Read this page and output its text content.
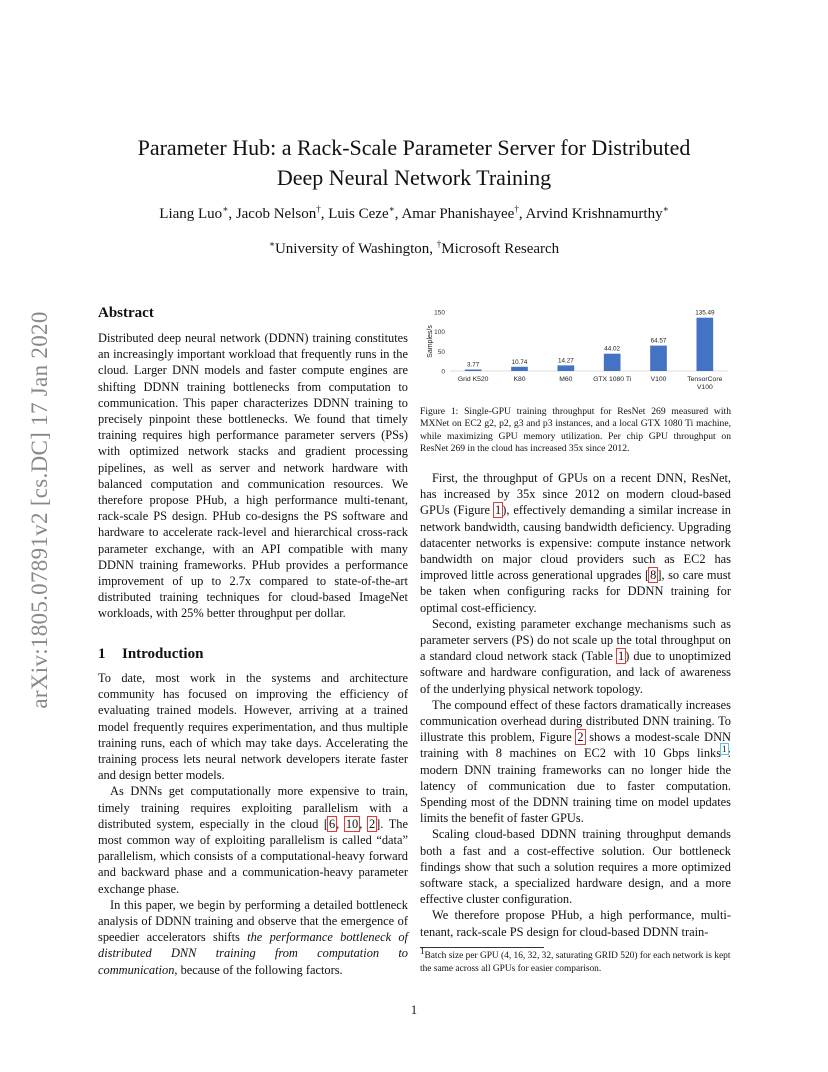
arXiv:1805.07891v2 [cs.DC] 17 Jan 2020
Parameter Hub: a Rack-Scale Parameter Server for Distributed
Deep Neural Network Training
Liang Luo∗, Jacob Nelson†, Luis Ceze∗, Amar Phanishayee†, Arvind Krishnamurthy∗
∗University of Washington, †Microsoft Research
Abstract

Distributed deep neural network (DDNN) training constitutes an increasingly important workload that frequently runs in the cloud. Larger DNN models and faster compute engines are shifting DDNN training bottlenecks from computation to communication. This paper characterizes DDNN training to precisely pinpoint these bottlenecks. We found that timely training requires high performance parameter servers (PSs) with optimized network stacks and gradient processing pipelines, as well as server and network hardware with balanced computation and communication resources. We therefore propose PHub, a high performance multi-tenant, rack-scale PS design. PHub co-designs the PS software and hardware to accelerate rack-level and hierarchical cross-rack parameter exchange, with an API compatible with many DDNN training frameworks. PHub provides a performance improvement of up to 2.7x compared to state-of-the-art distributed training techniques for cloud-based ImageNet workloads, with 25% better throughput per dollar.

1 Introduction

To date, most work in the systems and architecture community has focused on improving the efficiency of evaluating trained models. However, arriving at a trained model frequently requires experimentation, and thus multiple training runs, each of which may take days. Accelerating the training process lets neural network developers iterate faster and design better models.

As DNNs get computationally more expensive to train, timely training requires exploiting parallelism with a distributed system, especially in the cloud [6, 10, 2]. The most common way of exploiting parallelism is called “data” parallelism, which consists of a computational-heavy forward and backward phase and a communication-heavy parameter exchange phase.

In this paper, we begin by performing a detailed bottleneck analysis of DDNN training and observe that the emergence of speedier accelerators shifts the performance bottleneck of distributed DNN training from computation to communication, because of the following factors.

Samples/s
0
50
100
150
3.77
Grid K520
10.74
K80
14.27
M60
44.02
GTX 1080 Ti
64.57
V100
135.49
TensorCore
V100
Figure 1: Single-GPU training throughput for ResNet 269 measured with MXNet on EC2 g2, p2, g3 and p3 instances, and a local GTX 1080 Ti machine, while maximizing GPU memory utilization. Per chip GPU throughput on ResNet 269 in the cloud has increased 35x since 2012.

First, the throughput of GPUs on a recent DNN, ResNet, has increased by 35x since 2012 on modern cloud-based GPUs (Figure 1), effectively demanding a similar increase in network bandwidth, causing bandwidth deficiency. Upgrading datacenter networks is expensive: compute instance network bandwidth on major cloud providers such as EC2 has improved little across generational upgrades [8], so care must be taken when configuring racks for DDNN training for optimal cost-efficiency.

Second, existing parameter exchange mechanisms such as parameter servers (PS) do not scale up the total throughput on a standard cloud network stack (Table 1) due to unoptimized software and hardware configuration, and lack of awareness of the underlying physical network topology.

The compound effect of these factors dramatically increases communication overhead during distributed DNN training. To illustrate this problem, Figure 2 shows a modest-scale DNN training with 8 machines on EC2 with 10 Gbps links$^1$: modern DNN training frameworks can no longer hide the latency of communication due to faster computation. Spending most of the DDNN training time on model updates limits the benefit of faster GPUs.

Scaling cloud-based DDNN training throughput demands both a fast and a cost-effective solution. Our bottleneck findings show that such a solution requires a more optimized software stack, a specialized hardware design, and a more effective cluster configuration.

We therefore propose PHub, a high performance, multi-tenant, rack-scale PS design for cloud-based DDNN train-

$^1$Batch size per GPU (4, 16, 32, 32, saturating GRID 520) for each network is kept the same across all GPUs for easier comparison.
1
